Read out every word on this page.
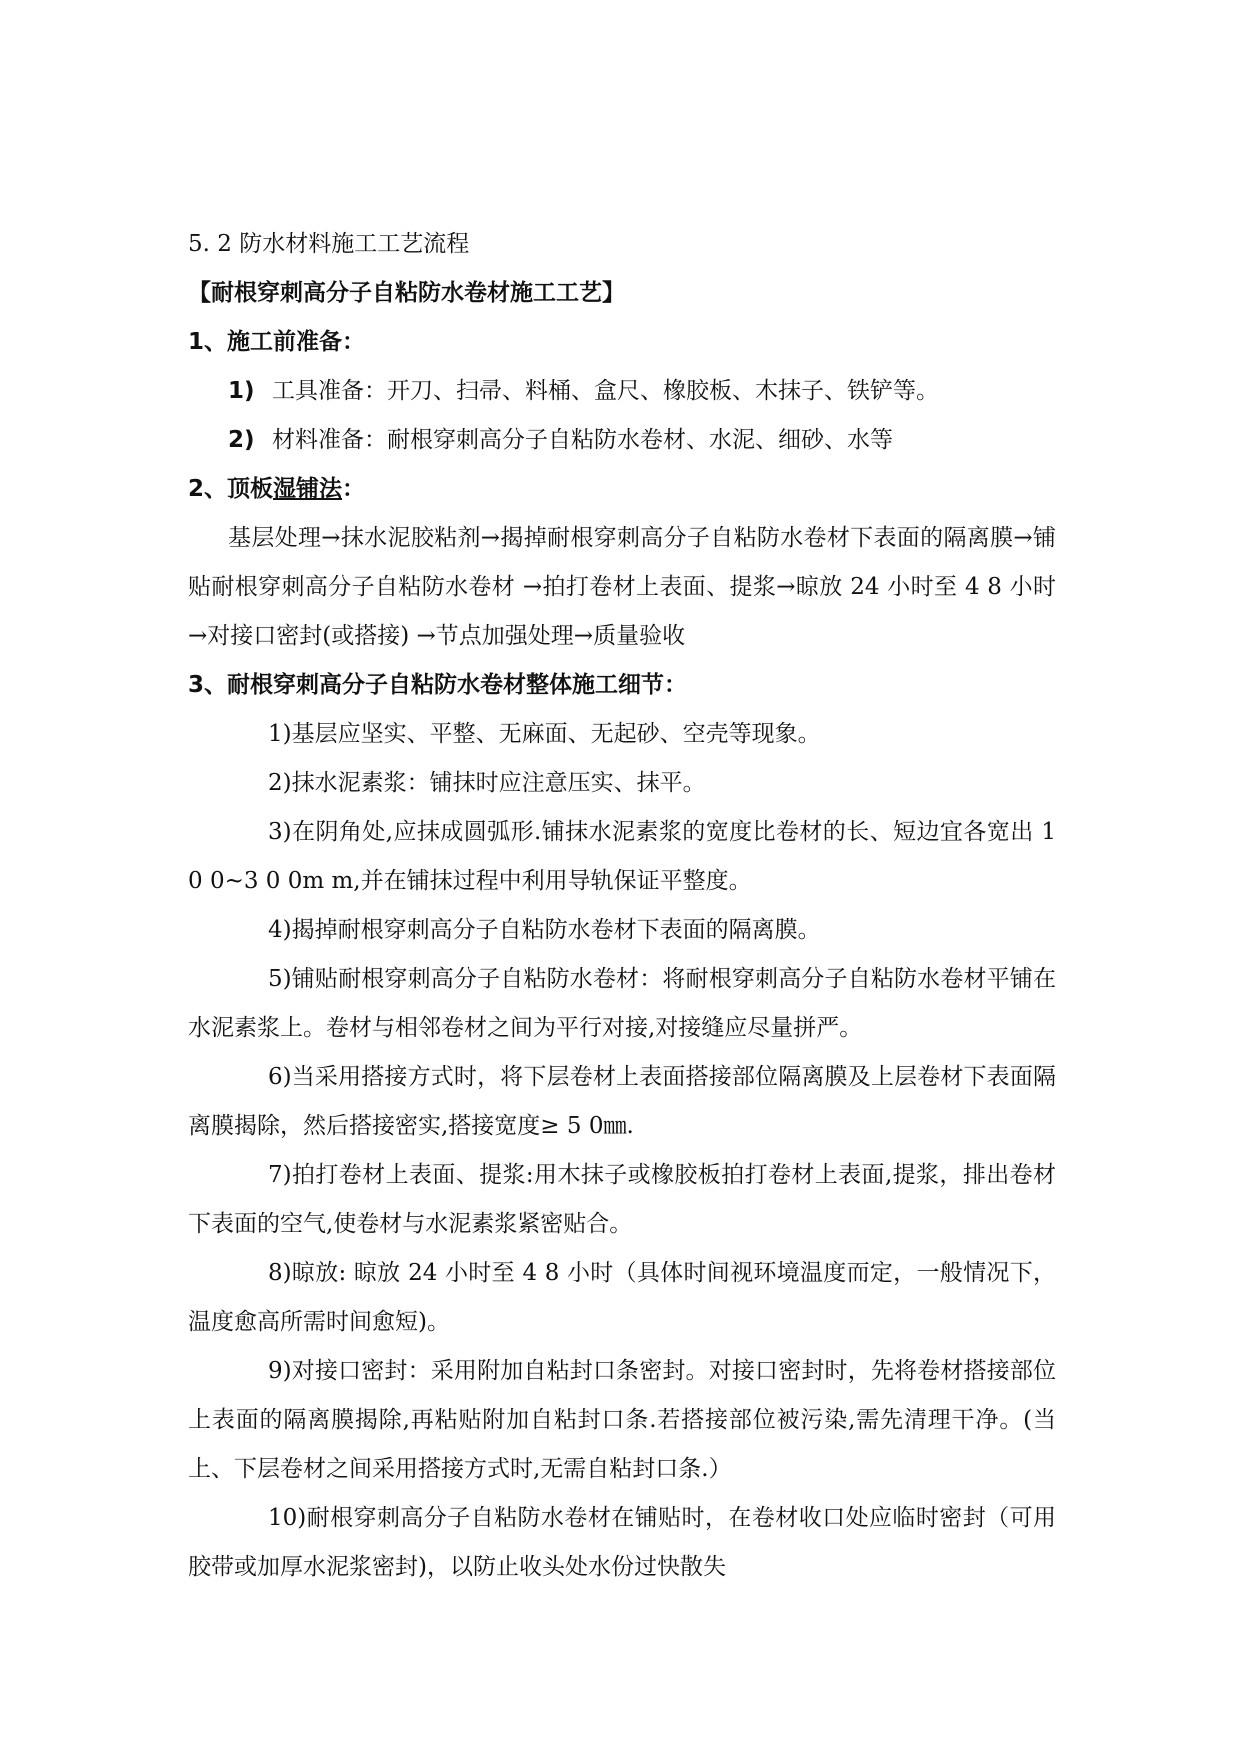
5. 2 防水材料施工工艺流程

【耐根穿刺高分子自粘防水卷材施工工艺】

1、施工前准备：

1) 工具准备：开刀、扫帚、料桶、盒尺、橡胶板、木抹子、铁铲等。

2) 材料准备：耐根穿刺高分子自粘防水卷材、水泥、细砂、水等

2、顶板湿铺法：

基层处理→抹水泥胶粘剂→揭掉耐根穿刺高分子自粘防水卷材下表面的隔离膜→铺贴耐根穿刺高分子自粘防水卷材 →拍打卷材上表面、提浆→晾放 24 小时至 4 8 小时→对接口密封(或搭接) →节点加强处理→质量验收

3、耐根穿刺高分子自粘防水卷材整体施工细节：

1)基层应坚实、平整、无麻面、无起砂、空壳等现象。

2)抹水泥素浆：铺抹时应注意压实、抹平。

3)在阴角处,应抹成圆弧形.铺抹水泥素浆的宽度比卷材的长、短边宜各宽出 1 0 0~3 0 0m m,并在铺抹过程中利用导轨保证平整度。

4)揭掉耐根穿刺高分子自粘防水卷材下表面的隔离膜。

5)铺贴耐根穿刺高分子自粘防水卷材：将耐根穿刺高分子自粘防水卷材平铺在水泥素浆上。卷材与相邻卷材之间为平行对接,对接缝应尽量拼严。

6)当采用搭接方式时，将下层卷材上表面搭接部位隔离膜及上层卷材下表面隔离膜揭除，然后搭接密实,搭接宽度≥ 5 0㎜.

7)拍打卷材上表面、提浆:用木抹子或橡胶板拍打卷材上表面,提浆，排出卷材下表面的空气,使卷材与水泥素浆紧密贴合。

8)晾放: 晾放 24 小时至 4 8 小时（具体时间视环境温度而定，一般情况下，温度愈高所需时间愈短)。

9)对接口密封：采用附加自粘封口条密封。对接口密封时，先将卷材搭接部位上表面的隔离膜揭除,再粘贴附加自粘封口条.若搭接部位被污染,需先清理干净。(当上、下层卷材之间采用搭接方式时,无需自粘封口条.）

10)耐根穿刺高分子自粘防水卷材在铺贴时，在卷材收口处应临时密封（可用胶带或加厚水泥浆密封)，以防止收头处水份过快散失
